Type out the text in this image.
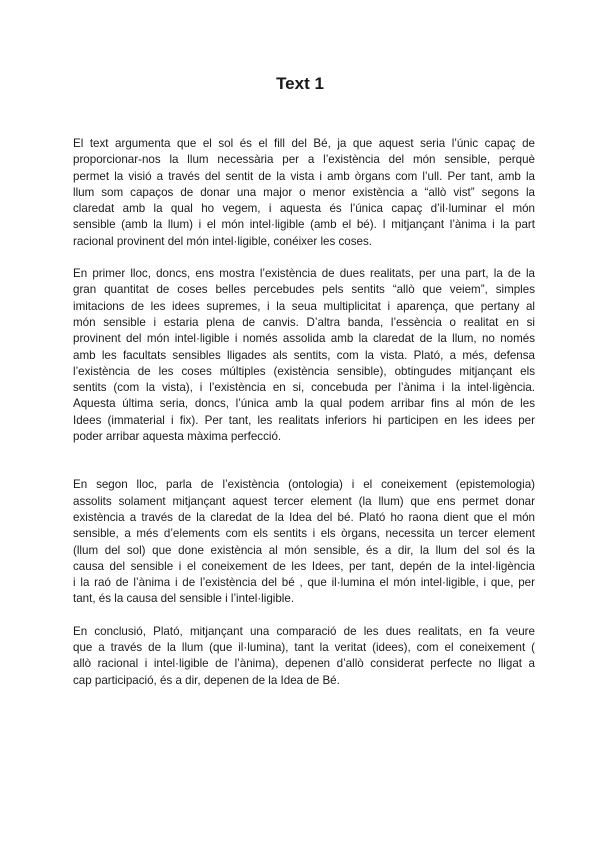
Text 1

El text argumenta que el sol és el fill del Bé, ja que aquest seria l’únic capaç de
proporcionar-nos la llum necessària per a l’existència del món sensible, perquè
permet la visió a través del sentit de la vista i amb òrgans com l’ull. Per tant, amb la
llum som capaços de donar una major o menor existència a “allò vist” segons la
claredat amb la qual ho vegem, i aquesta és l’única capaç d’il·luminar el món
sensible (amb la llum) i el món intel·ligible (amb el bé). I mitjançant l’ànima i la part
racional provinent del món intel·ligible, conéixer les coses.

En primer lloc, doncs, ens mostra l’existència de dues realitats, per una part, la de la
gran quantitat de coses belles percebudes pels sentits “allò que veiem”, simples
imitacions de les idees supremes, i la seua multiplicitat i aparença, que pertany al
món sensible i estaria plena de canvis. D’altra banda, l’essència o realitat en si
provinent del món intel·ligible i només assolida amb la claredat de la llum, no només
amb les facultats sensibles lligades als sentits, com la vista. Plató, a més, defensa
l’existència de les coses múltiples (existència sensible), obtingudes mitjançant els
sentits (com la vista), i l’existència en si, concebuda per l’ànima i la intel·ligència.
Aquesta última seria, doncs, l’única amb la qual podem arribar fins al món de les
Idees (immaterial i fix). Per tant, les realitats inferiors hi participen en les idees per
poder arribar aquesta màxima perfecció.

En segon lloc, parla de l’existència (ontologia) i el coneixement (epistemologia)
assolits solament mitjançant aquest tercer element (la llum) que ens permet donar
existència a través de la claredat de la Idea del bé. Plató ho raona dient que el món
sensible, a més d’elements com els sentits i els òrgans, necessita un tercer element
(llum del sol) que done existència al món sensible, és a dir, la llum del sol és la
causa del sensible i el coneixement de les Idees, per tant, depén de la intel·ligència
i la raó de l’ànima i de l’existència del bé , que il·lumina el món intel·ligible, i que, per
tant, és la causa del sensible i l’intel·ligible.

En conclusió, Plató, mitjançant una comparació de les dues realitats, en fa veure
que a través de la llum (que il·lumina), tant la veritat (idees), com el coneixement (
allò racional i intel·ligible de l’ànima), depenen d’allò considerat perfecte no lligat a
cap participació, és a dir, depenen de la Idea de Bé.
